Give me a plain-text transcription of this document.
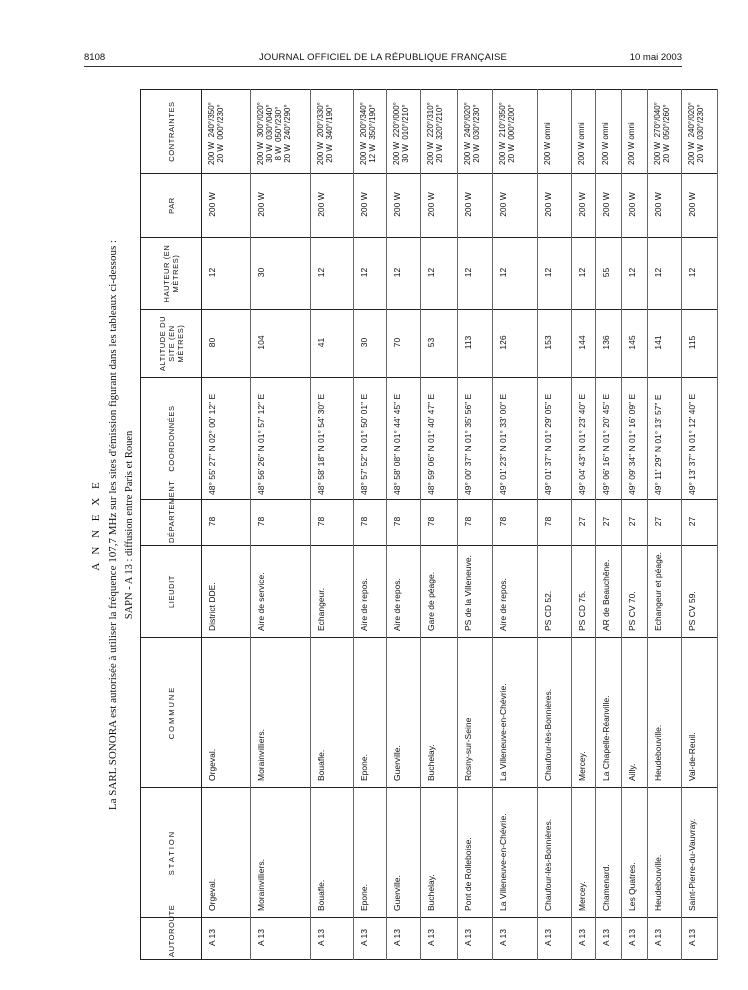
8108	JOURNAL OFFICIEL DE LA RÉPUBLIQUE FRANÇAISE	10 mai 2003
A N N E X E La SARL SONORA est autorisée à utiliser la fréquence 107,7 MHz sur les sites d'émission figurant dans les tableaux ci-dessous : SAPN - A 13 : diffusion entre Paris et Rouen
AUTOROUTE	STATION	COMMUNE	LIEUDIT	DÉPARTEMENT	COORDONNÉES	ALTITUDE DU SITE (EN MÈTRES)	HAUTEUR (EN MÈTRES)	PAR	CONTRAINTES
A 13	Orgeval.	Orgeval.	District DDE.	78	48° 55' 27" N 02° 00' 12" E	80	12	200 W	200 W  240°/350°
20 W  000°/230°
A 13	Morainvilliers.	Morainvilliers.	Aire de service.	78	48° 56' 26" N 01° 57' 12" E	104	30	200 W	200 W  300°/020°
30 W  030°/040°
8 W  050°/230°
20 W  240°/290°
A 13	Bouafle.	Bouafle.	Echangeur.	78	48° 58' 18" N 01° 54' 30" E	41	12	200 W	200 W  200°/330°
20 W  340°/190°
A 13	Epone.	Epone.	Aire de repos.	78	48° 57' 52" N 01° 50' 01" E	30	12	200 W	200 W  200°/340°
12 W  350°/190°
A 13	Guerville.	Guerville.	Aire de repos.	78	48° 58' 08" N 01° 44' 45" E	70	12	200 W	200 W  220°/000°
30 W  010°/210°
A 13	Buchelay.	Buchelay.	Gare de péage.	78	48° 59' 06" N 01° 40' 47" E	53	12	200 W	200 W  220°/310°
20 W  320°/210°
A 13	Pont de Rolleboise.	Rosny-sur-Seine	PS de la Villeneuve.	78	49° 00' 37" N 01° 35' 56" E	113	12	200 W	200 W  240°/020°
20 W  030°/230°
A 13	La Villeneuve-en-Chévrie.	La Villeneuve-en-Chévrie.	Aire de repos.	78	49° 01' 23" N 01° 33' 00" E	126	12	200 W	200 W  210°/350°
20 W  000°/200°
A 13	Chaufour-lès-Bonnières.	Chaufour-lès-Bonnières.	PS CD 52.	78	49° 01' 37" N 01° 29' 05" E	153	12	200 W	200 W omni
A 13	Mercey.	Mercey.	PS CD 75.	27	49° 04' 43" N 01° 23' 40" E	144	12	200 W	200 W omni
A 13	Chamenard.	La Chapelle-Réanville.	AR de Beauchêne.	27	49° 06' 16" N 01° 20' 45" E	136	55	200 W	200 W omni
A 13	Les Quatres.	Ailly.	PS CV 70.	27	49° 09' 34" N 01° 16' 09" E	145	12	200 W	200 W omni
A 13	Heudebouville.	Heudebouville.	Echangeur et péage.	27	49° 11' 29" N 01° 13' 57" E	141	12	200 W	200 W  270°/040°
20 W  050°/260°
A 13	Saint-Pierre-du-Vauvray.	Val-de-Reuil.	PS CV 59.	27	49° 13' 37" N 01° 12' 40" E	115	12	200 W	200 W  240°/020°
20 W  030°/230°
